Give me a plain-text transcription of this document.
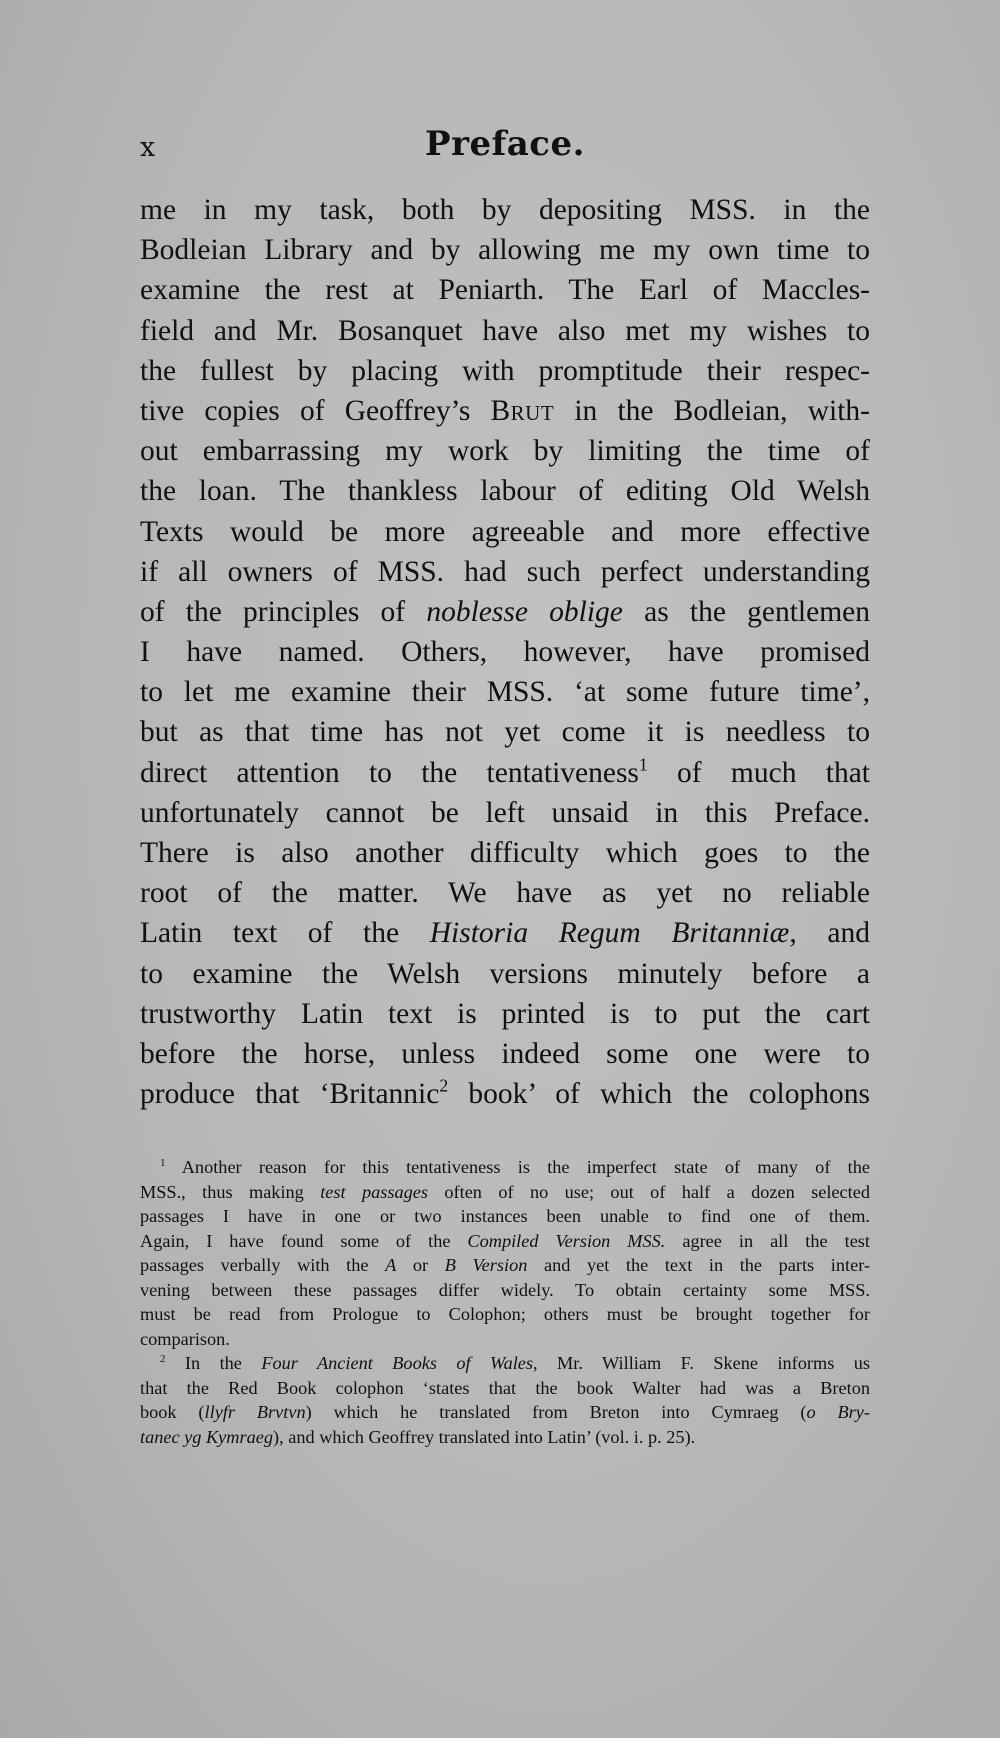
x	Preface.
me in my task, both by depositing MSS. in the
Bodleian Library and by allowing me my own time to
examine the rest at Peniarth. The Earl of Maccles-
field and Mr. Bosanquet have also met my wishes to
the fullest by placing with promptitude their respec-
tive copies of Geoffrey’s Brut in the Bodleian, with-
out embarrassing my work by limiting the time of
the loan. The thankless labour of editing Old Welsh
Texts would be more agreeable and more effective
if all owners of MSS. had such perfect understanding
of the principles of noblesse oblige as the gentlemen
I have named. Others, however, have promised
to let me examine their MSS. ‘at some future time’,
but as that time has not yet come it is needless to
direct attention to the tentativeness$^1$ of much that
unfortunately cannot be left unsaid in this Preface.
There is also another difficulty which goes to the
root of the matter. We have as yet no reliable
Latin text of the Historia Regum Britanniæ, and
to examine the Welsh versions minutely before a
trustworthy Latin text is printed is to put the cart
before the horse, unless indeed some one were to
produce that ‘Britannic$^2$ book’ of which the colophons
$^1$ Another reason for this tentativeness is the imperfect state of many of the
MSS., thus making test passages often of no use; out of half a dozen selected
passages I have in one or two instances been unable to find one of them.
Again, I have found some of the Compiled Version MSS. agree in all the test
passages verbally with the A or B Version and yet the text in the parts inter-
vening between these passages differ widely. To obtain certainty some MSS.
must be read from Prologue to Colophon; others must be brought together for
comparison.
$^2$ In the Four Ancient Books of Wales, Mr. William F. Skene informs us
that the Red Book colophon ‘states that the book Walter had was a Breton
book (llyfr Brvtvn) which he translated from Breton into Cymraeg (o Bry-
tanec yg Kymraeg), and which Geoffrey translated into Latin’ (vol. i. p. 25).
